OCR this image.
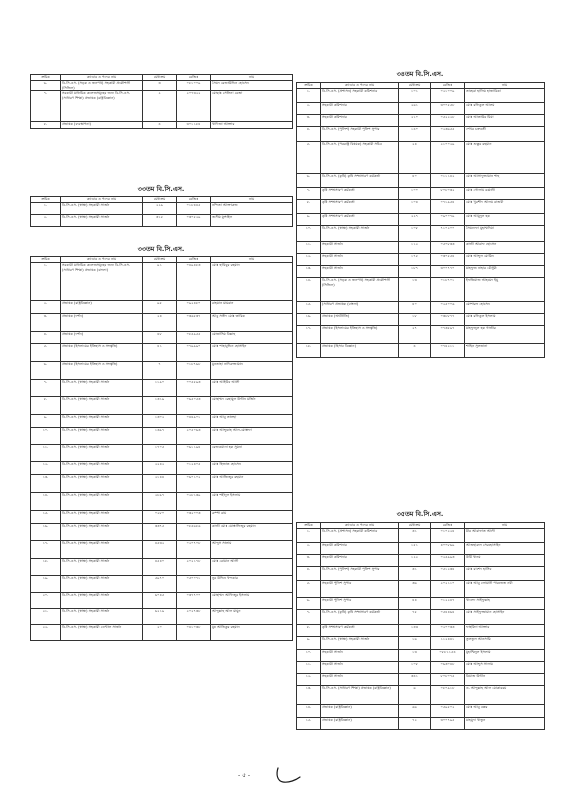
ক্রমিক	ক্যাডার ও পদের নাম	মেধাক্রম	রেজিঃ	নাম
৬.	বি.সি.এস. (সড়ক ও জনপথ) সহকারী প্রকৌশলী (সিভিল)	৩	০৮১০০৯	সৈয়দ রেজাউদ্দিন হোসেন
৭.	সরকারী মাধ্যমিক কলেজসমূহের জন্য বি.সি.এস. (সাধারণ শিক্ষা) প্রভাষক (রাষ্ট্রবিজ্ঞান)	২	২০৭৩২২	মোছাঃ সেলিনা রেজা
৮.	প্রভাষক (ব্যবস্থাপনা)	৪	৩০১১৮৪	খাদিজা আক্তার
৩৩তম বি.সি.এস.
ক্রমিক	ক্যাডার ও পদের নাম	মেধাক্রম	রেজিঃ	নাম
১.	বি.সি.এস. (স্বাস্থ্য) সহকারী সার্জন	২২৯	০১৮৪৪৫	নন্দিতা আক্তারুজ
২.	বি.সি.এস. (স্বাস্থ্য) সহকারী সার্জন	৩১৫	০৩০৫২৯	জসীম মুন্সাইল
৩৩তম বি.সি.এস.
ক্রমিক	ক্যাডার ও পদের নাম	মেধাক্রম	রেজিঃ	নাম
১.	সরকারী মাধ্যমিক কলেজসমূহের জন্য বি.সি.এস. (সাধারণ শিক্ষা) প্রভাষক (বাংলা)	৯১	০৪৯৪৮৩	মোঃ হাবিবুর রহমান
২.	প্রভাষক (রাষ্ট্রবিজ্ঞান)	৯৫	০৯২৪৮০	রাহমান মামরান
৩.	প্রভাষক (দর্শন)	২৪	০৩৬৫৩৭	আবু সাঈদ মোঃ তারিক
৪.	প্রভাষক (দর্শন)	৪৮	০৮৫৯৫৫	মোতাসিম বিল্লাহ
৫.	প্রভাষক (ইসলামের ইতিহাস ও সংস্কৃতি)	৪১	০৭৯৯৯০	মোঃ শাহাবুদ্দিন হোসাইন
৬.	প্রভাষক (ইসলামের ইতিহাস ও সংস্কৃতি)	৭	০১৮৭৬৮	মুনতাহা নাদিরুজ্জামান
৭.	বি.সি.এস. (স্বাস্থ্য) সহকারী সার্জন	১১৯০	০০৫৫৯৩	মোঃ আইউব আলী
৮.	বি.সি.এস. (স্বাস্থ্য) সহকারী সার্জন	১৩১৯	০৬৫০৫৩	মোহাম্মদ রেহামুল উদ্দীন মর্জিন
৯.	বি.সি.এস. (স্বাস্থ্য) সহকারী সার্জন	১৩০২	০৪৪৯০১	মোঃ আবু তালহা
১০.	বি.সি.এস. (স্বাস্থ্য) সহকারী সার্জন	১৩৯৭	২০৫০৬৩	মোঃ আব্দুল্লাহ আল-মোস্তফা
১১.	বি.সি.এস. (স্বাস্থ্য) সহকারী সার্জন	১৭০৫	০৬১১৯৪	রেজওয়ানা হক সুমনা
১২.	বি.সি.এস. (স্বাস্থ্য) সহকারী সার্জন	২২৪২	০১২৪০৫	মোঃ হিজাত হোসেন
১৩.	বি.সি.এস. (স্বাস্থ্য) সহকারী সার্জন	২১৪৪	০৬০১০২	মোঃ আজিজুর রহমান
১৪.	বি.সি.এস. (স্বাস্থ্য) সহকারী সার্জন	২৮৯৭	০২৮১৩৯	মোঃ শহীদুল ইসলাম
১৫.	বি.সি.এস. (স্বাস্থ্য) সহকারী সার্জন	০২৮০	০৩২০০৩	রুম্পা রায়
১৬.	বি.সি.এস. (স্বাস্থ্য) সহকারী সার্জন	৩৩৭৫	০৮৫৬৮৬	কাজী মোঃ মোস্তাফিজুর রহমান
১৭.	বি.সি.এস. (স্বাস্থ্য) সহকারী সার্জন	৪৫৩২	০২০৭০৮	আব্দুস সালাম
১৮.	বি.সি.এস. (স্বাস্থ্য) সহকারী সার্জন	৪৫৪০	২০২১৭৮	মোঃ রোমান আলী
১৯.	বি.সি.এস. (স্বাস্থ্য) সহকারী সার্জন	৫৯৭০	০৫০০৭১	নুর উদ্দিন খন্দকার
২০.	বি.সি.এস. (স্বাস্থ্য) সহকারী সার্জন	৬০৪৫	০৩৭৭০০	মোহাম্মদ আফিজুর ইসলাম
২১.	বি.সি.এস. (স্বাস্থ্য) সহকারী সার্জন	৬২১৯	২০২৭৩৮	আব্দুল্লাহ আল মামুন
২২.	বি.সি.এস. (স্বাস্থ্য) সহকারী ডেন্টাল সার্জন	২০	০৪১০৩৮	মুঃ আতিকুর রহমান
৩৪তম বি.সি.এস.
ক্রমিক	ক্যাডার ও পদের নাম	মেধাক্রম	রেজিঃ	নাম
১.	বি.সি.এস. (প্রশাসন) সহকারী কমিশনার	১০১	০২১০০৯	তাহেরা হালিম হাজারিকা
২.	সহকারী কমিশনার	২৬১	৩০০৫৫৮	মোঃ রফিকুল আলম
৩.	সহকারী কমিশনার	২১০	০৫২২২৮	মোঃ আতাউর মিয়া
৪.	বি.সি.এস. (পুলিশ) সহকারী পুলিশ সুপার	১৪০	০২৩৬৫৫	শেখর চক্রবর্তী
৫.	বি.সি.এস. (পররাষ্ট্র বিষয়ক) সহকারী সচিব	২৪	২১০০২৯	মোঃ শুক্কুর রহমান
৬.	বি.সি.এস. (কৃষি) কৃষি সম্প্রসারণ কর্মকর্তা	৪০	০১১১৪২	মোঃ আসাদুজ্জামান শাহ
৭.	কৃষি সম্প্রসারণ কর্মকর্তা	১০০	৮০৮০৩২	মোঃ গোলাম রব্বানী
৮.	কৃষি সম্প্রসারণ কর্মকর্তা	১০৪	০৭১৯৫৪	মোঃ খুরশীদ আলম রাজবী
৯.	কৃষি সম্প্রসারণ কর্মকর্তা	২২৭	০৯০০৭৯	মোঃ আমুদুল হক
১০.	বি.সি.এস. (স্বাস্থ্য) সহকারী সার্জন	১০৮	৭১০২০০	সৈয়দেফা মুহাম্মদিয়া
১১.	সহকারী সার্জন	১১২	০৫০৮৩৩	কাজী আরাফ হোসেন
১২.	সহকারী সার্জন	১৭৫	০৩০৫৫৪	মোঃ আব্দুল মোমিন
১৩.	সহকারী সার্জন	১৮৭	৩০০৭৭০	মাহফুজ নাহার চৌধুরী
১৪.	বি.সি.এস. (সড়ক ও জনপথ) সহকারী প্রকৌশলী (সিভিল)	১৩	০১৮৭০১	ইফতিয়াজ আহমেদ ইমু
১৫.	(সাধারণ প্রভাষক (বাংলা)	৪০	০২৫০০৬	মোশারফ হোসেন
১৬.	প্রভাষক (অর্থনীতি)	১৮	০৩৮৮৭৭	মোঃ রফিকুল ইসলাম
১৭.	প্রভাষক (ইসলামের ইতিহাস ও সংস্কৃতি)	২৭	০৭৩৫৯৭	মাহফুজুল হক গাজীর
১৮.	প্রভাষক (হিসাব বিজ্ঞান)	৪	০৭৪২১১	শাহিন সুলতানা
৩৫তম বি.সি.এস.
ক্রমিক	ক্যাডার ও পদের নাম	মেধাক্রম	রেজিঃ	নাম
১.	বি.সি.এস. (প্রশাসন) সহকারী কমিশনার	৩১	০১০২২৪	মীর আরাফাত আলী
২.	সহকারী কমিশনার	১৫১	৪০০৮৬৯	আজহারুল সেরহোসাইন
৩.	সহকারী কমিশনার	১২২	০২৫৯৯৩	উর্মি খানম
৪.	বি.সি.এস. (পুলিশ) সহকারী পুলিশ সুপার	৩১	০৫১২৩৪	মোঃ রাশেদ হাসিব
৫.	সহকারী পুলিশ সুপার	৩৬	২০২১১০	মোঃ আবু লোমানী পারভেজ নবী
৬.	সহকারী পুলিশ সুপার	৪৪	০১২২৪৭	খালেদ সাইফুল্লাহ
৭.	বি.সি.এস. (কৃষি) কৃষি সম্প্রসারণ কর্মকর্তা	৭৫	০৫৪৪৬৪	মোঃ সাইফুজ্জামান হোসাইন
৮.	কৃষি সম্প্রসারণ কর্মকর্তা	১৪৩	০২০০৩৩	ফাহমিদা আক্তার
৯.	বি.সি.এস. (স্বাস্থ্য) সহকারী সার্জন	১৬	১১২৪৪১	তুলতুল আনসারি
১০.	সহকারী সার্জন	১৩	০৮৮১১৫৪	মুহাম্মিনুল ইসলাম
১১.	সহকারী সার্জন	১০৮	০৬৩০৪৮	মোঃ আব্দুস সালাম
১২.	সহকারী সার্জন	৩৪১	৮০৮০৭৫	রিয়াজ উদ্দীন
১৩.	বি.সি.এস. (সাধারণ শিক্ষা) প্রভাষক (রাষ্ট্রবিজ্ঞান)	৬	০৮০৯১৮	ড. আব্দুল্লাহ আল মোকাররম
১৪.	প্রভাষক (রাষ্ট্রবিজ্ঞান)	৬৬	০৫৯৫০২	মোঃ আবু বক্কর
১৫.	প্রভাষক (রাষ্ট্রবিজ্ঞান)	৭২	৩০০৭৯৫	মাহমুদা খাতুন
- ৫ -
